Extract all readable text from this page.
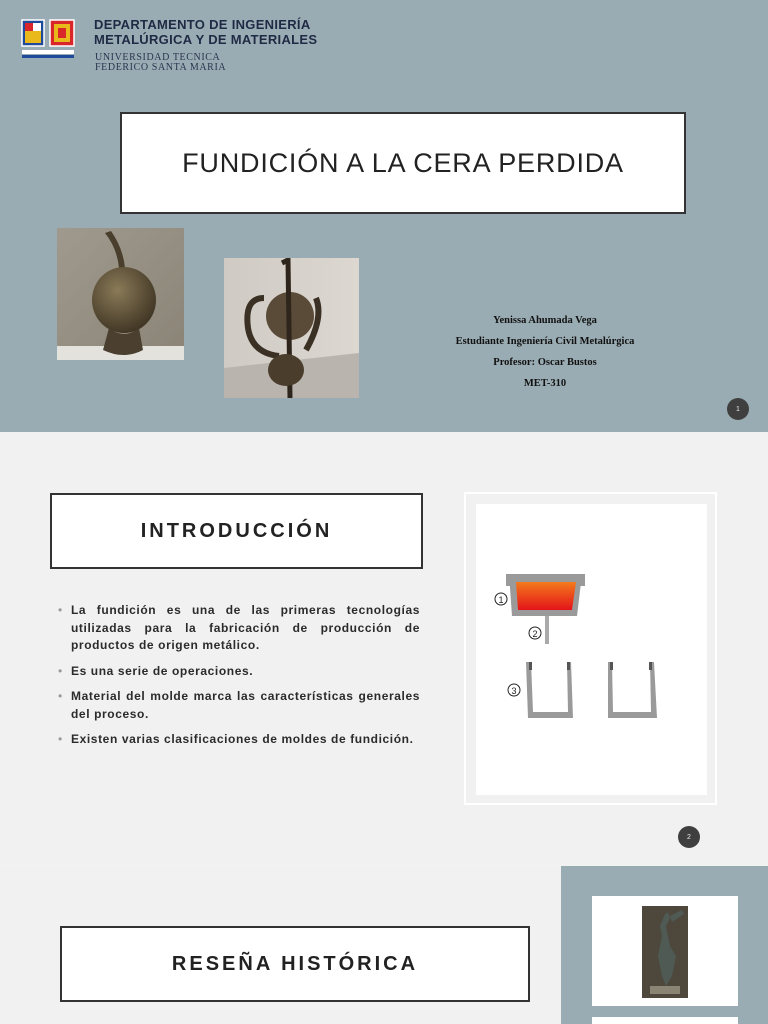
DEPARTAMENTO DE INGENIERÍA
METALÚRGICA Y DE MATERIALES
UNIVERSIDAD TECNICA
FEDERICO SANTA MARIA
FUNDICIÓN A LA CERA PERDIDA
Yenissa Ahumada Vega
Estudiante Ingeniería Civil Metalúrgica
Profesor: Oscar Bustos
MET-310
1
INTRODUCCIÓN
• La fundición es una de las primeras tecnologías utilizadas para la fabricación de producción de productos de origen metálico.
• Es una serie de operaciones.
• Material del molde marca las características generales del proceso.
• Existen varias clasificaciones de moldes de fundición.
1
2
3
2
RESEÑA HISTÓRICA
